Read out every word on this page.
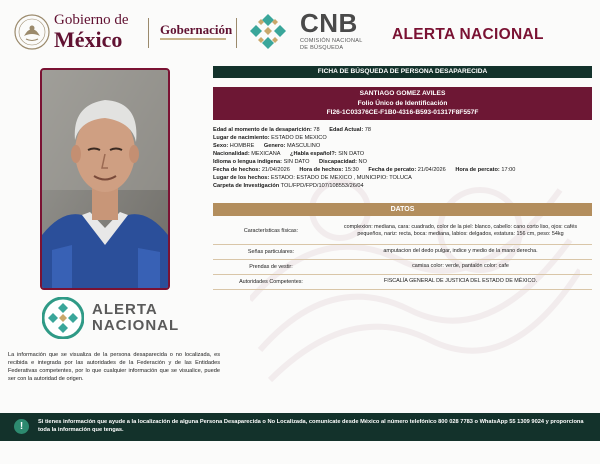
Gobierno de
México	Gobernación	CNB
COMISIÓN NACIONAL
DE BÚSQUEDA
ALERTA NACIONAL
ALERTA
NACIONAL
La información que se visualiza de la persona desaparecida o no localizada, es recibida e integrada por las autoridades de la Federación y de las Entidades Federativas competentes, por lo que cualquier información que se visualice, puede ser con la autoridad de origen.
FICHA DE BÚSQUEDA DE PERSONA DESAPARECIDA
SANTIAGO GOMEZ AVILES
Folio Único de Identificación
FI26-1C03376CE-F1B0-4316-B593-01317F8F557F
Edad al momento de la desaparición: 78 Edad Actual: 78
Lugar de nacimiento: ESTADO DE MEXICO
Sexo: HOMBRE Genero: MASCULINO
Nacionalidad: MEXICANA ¿Habla español?: SIN DATO
Idioma o lengua indígena: SIN DATO Discapacidad: NO
Fecha de hechos: 21/04/2026 Hora de hechos: 15:30 Fecha de percato: 21/04/2026 Hora de percato: 17:00
Lugar de los hechos: ESTADO: ESTADO DE MEXICO , MUNICIPIO: TOLUCA
Carpeta de Investigación TOL/FPD/FPD/107/108553/26/04
DATOS
Características físicas:	complexion: mediana, cara: cuadrado, color de la piel: blanco, cabello: cano corto liso, ojos: cafés pequeños, nariz: recta, boca: mediana, labios: delgados, estatura: 156 cm, peso: 54kg
Señas particulares:	amputacion del dedo pulgar, indice y medio de la mano derecha.
Prendas de vestir:	camisa color: verde, pantalón color: cafe
Autoridades Competentes:	FISCALÍA GENERAL DE JUSTICIA DEL ESTADO DE MÉXICO.
!	Si tienes información que ayude a la localización de alguna Persona Desaparecida o No Localizada, comunícate desde México al número telefónico 800 028 7783 o WhatsApp 55 1309 9024 y proporciona toda la información que tengas.
